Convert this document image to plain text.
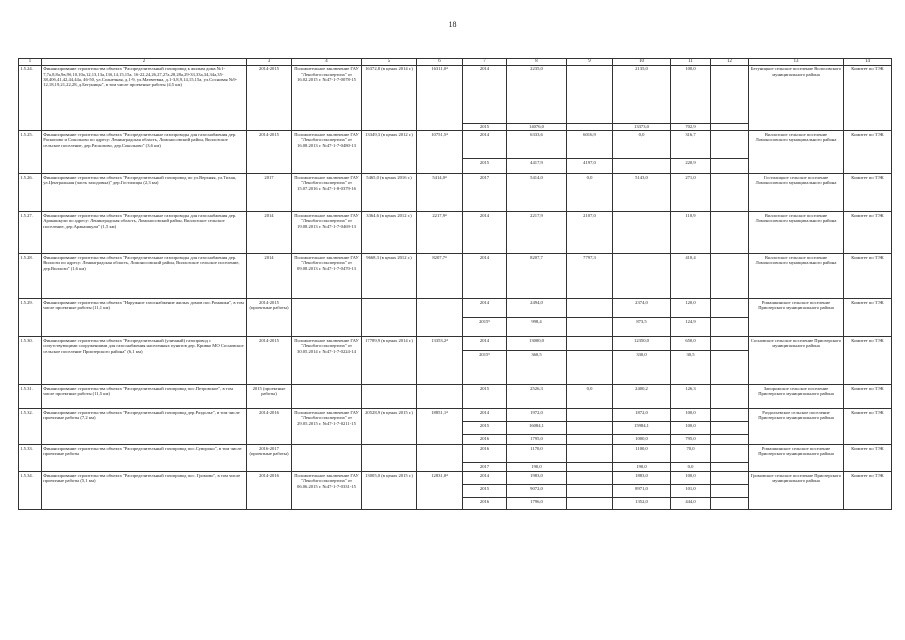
18
1	2	3	4	5	6	7	8	9	10	11	12	13	14
1.5.24.	Финансирование строительства объекта "Распределительный газопровод к жилым дома №1-7,7а,8,8а,9в,9б,10,10а,12,13,13а,13б,14,15,15а, 16-22,24,26,27,27а,28,28а,29-33,33а,34,34а,35-38,40б,41,42,44,44а, 46-50, ул.Солнечная, д.1-9, ул.Матвеевна, д.1-3,8,9,14,15,15а, ул.Сосновая №9-12,18,19,21,22,28, д.Бегуницы", в том числе проектные работы (4,5 км)	2014-2015	Положительное заключение ГАУ "Леноблгосэкспертиза" от 16.02.2015 г. №47-1-7-0078-15	16372,8 (в ценах 2014 г.)	16311,0⁴	2014	2235,0		2135,0	100,0		Бегуницкое сельское поселение Волосовского муниципального района	Комитет по ТЭК
						2015	14076,0		13373,0	702,9			
1.5.25.	Финансирование строительства объекта "Распределительные газопроводы для газоснабжения дер. Раскопово и Сокольово по адресу: Ленинградская область, Ломоносовский район, Виллозское сельское поселение, дер.Раскопово, дер.Сокольово" (3,6 км)	2014-2015	Положительное заключение ГАУ "Леноблгосэкспертиза" от 16.08.2013 г. №47-1-7-0480-13	13349,3 (в ценах 2012 г.)	10751,5⁴	2014	6333,6	6016,9	0,0	316,7		Виллозское сельское поселение Ломоносовского муниципального района	Комитет по ТЭК
						2015	4417,9	4197,0		220,9			
1.5.26.	Финансирование строительства объекта "Распределительный газопровод по ул.Верхняя, ул.Тихая, ул.Центральная (часть заходовыа)" дер.Гостилицы (2,3 км)	2017	Положительное заключение ГАУ "Леноблгосэкспертиза" от 15.07.2016 г. №47-1-8-0379-16	5465,0 (в ценах 2016 г.)	5414,0⁴	2017	5414,0	0,0	5143,0	271,0		Гостилицкое сельское поселение Ломоносовского муниципального района	Комитет по ТЭК
1.5.27.	Финансирование строительства объекта "Распределительные газопроводы для газоснабжения дер. Аракашкули по адресу: Ленинградская область, Ломоносовский район, Виллозское сельское поселение, дер.Аракашкули" (1,5 км)	2014	Положительное заключение ГАУ "Леноблгосэкспертиза" от 19.08.2013 г. №47-1-7-0469-13	3364,6 (в ценах 2012 г.)	2217,9⁴	2014	2217,9	2107,0		110,9		Виллозское сельское поселение Ломоносовского муниципального района	Комитет по ТЭК
1.5.28.	Финансирование строительства объекта "Распределительные газопроводы для газоснабжения дер. Виллози по адресу: Ленинградская область, Ломоносовский район, Виллозское сельское поселение, дер.Виллози" (1,6 км)	2014	Положительное заключение ГАУ "Леноблгосэкспертиза" от 09.08.2013 г. №47-1-7-0470-13	9668,3 (в ценах 2012 г.)	8207,7⁴	2014	8207,7	7797,3		410,4		Виллозское сельское поселение Ломоносовского муниципального района	Комитет по ТЭК
1.5.29.	Финансирование строительства объекта "Наружное газоснабжение жилых домов пос.Ромашки", в том числе проектные работы (11,1 км)	2014-2015 (проектные работы)				2014	2494,0		2374,0	120,0		Ромашкинское сельское поселение Приозерского муниципального района	Комитет по ТЭК
						2015⁵	998,4		873,5	124,9			
1.5.30.	Финансирование строительства объекта "Распределительный (уличный) газопровод с сопутствующими сооружениями для газоснабжения населенных пунктов дер. Кривко МО Сосновское сельское поселение Приозерского района" (6,1 км)	2014-2015	Положительное заключение ГАУ "Леноблгосэкспертиза" от 30.05.2014 г. №47-1-7-0224-14	17789,9 (в ценах 2014 г.)	13353,2⁴	2014	13000,0		12350,0	650,0		Сосновское сельское поселение Приозерского муниципального района	Комитет по ТЭК
						2015⁵	360,5		330,0	30,5			
1.5.31.	Финансирование строительства объекта "Распределительный газопровод пос.Петровское", в том числе проектные работы (11,5 км)	2015 (проектные работы)				2015	2526,3	0,0	2400,2	126,3		Запорожское сельское поселение Приозерского муниципального района	Комитет по ТЭК
1.5.32.	Финансирование строительства объекта "Распределительный газопровод дер.Раздолье", в том числе проектные работы (7,2 км)	2014-2016	Положительное заключение ГАУ "Леноблгосэкспертиза" от 29.05.2015 г. №47-1-7-0211-15	20528,9 (в ценах 2015 г.)	18851,1⁴	2014	1972,0		1872,0	100,0		Раздольевское сельское поселение Приозерского муниципального района	Комитет по ТЭК
						2015	16084,1		15984,1	100,0			
						2016	1795,0		1000,0	795,0			
1.5.33.	Финансирование строительства объекта "Распределительный газопровод пос.Сувороно", в том числе проектные работы	2016-2017 (проектные работы)				2016	1170,0		1100,0	70,0		Ромашкинское сельское поселение Приозерского муниципального района	Комитет по ТЭК
						2017	190,0		190,0	0,0			
1.5.34.	Финансирование строительства объекта "Распределительный газопровод пос. Громово", в том числе проектные работы (5,1 км)	2014-2016	Положительное заключение ГАУ "Леноблгосэкспертиза" от 06.06.2015 г. №47-1-7-0331-15	13005,0 (в ценах 2015 г.)	12831,0⁴	2014	1983,0		1883,0	100,0		Громовское сельское поселение Приозерского муниципального района	Комитет по ТЭК
						2015	9072,0		8971,0	101,0			
						2016	1796,0		1352,0	444,0			
